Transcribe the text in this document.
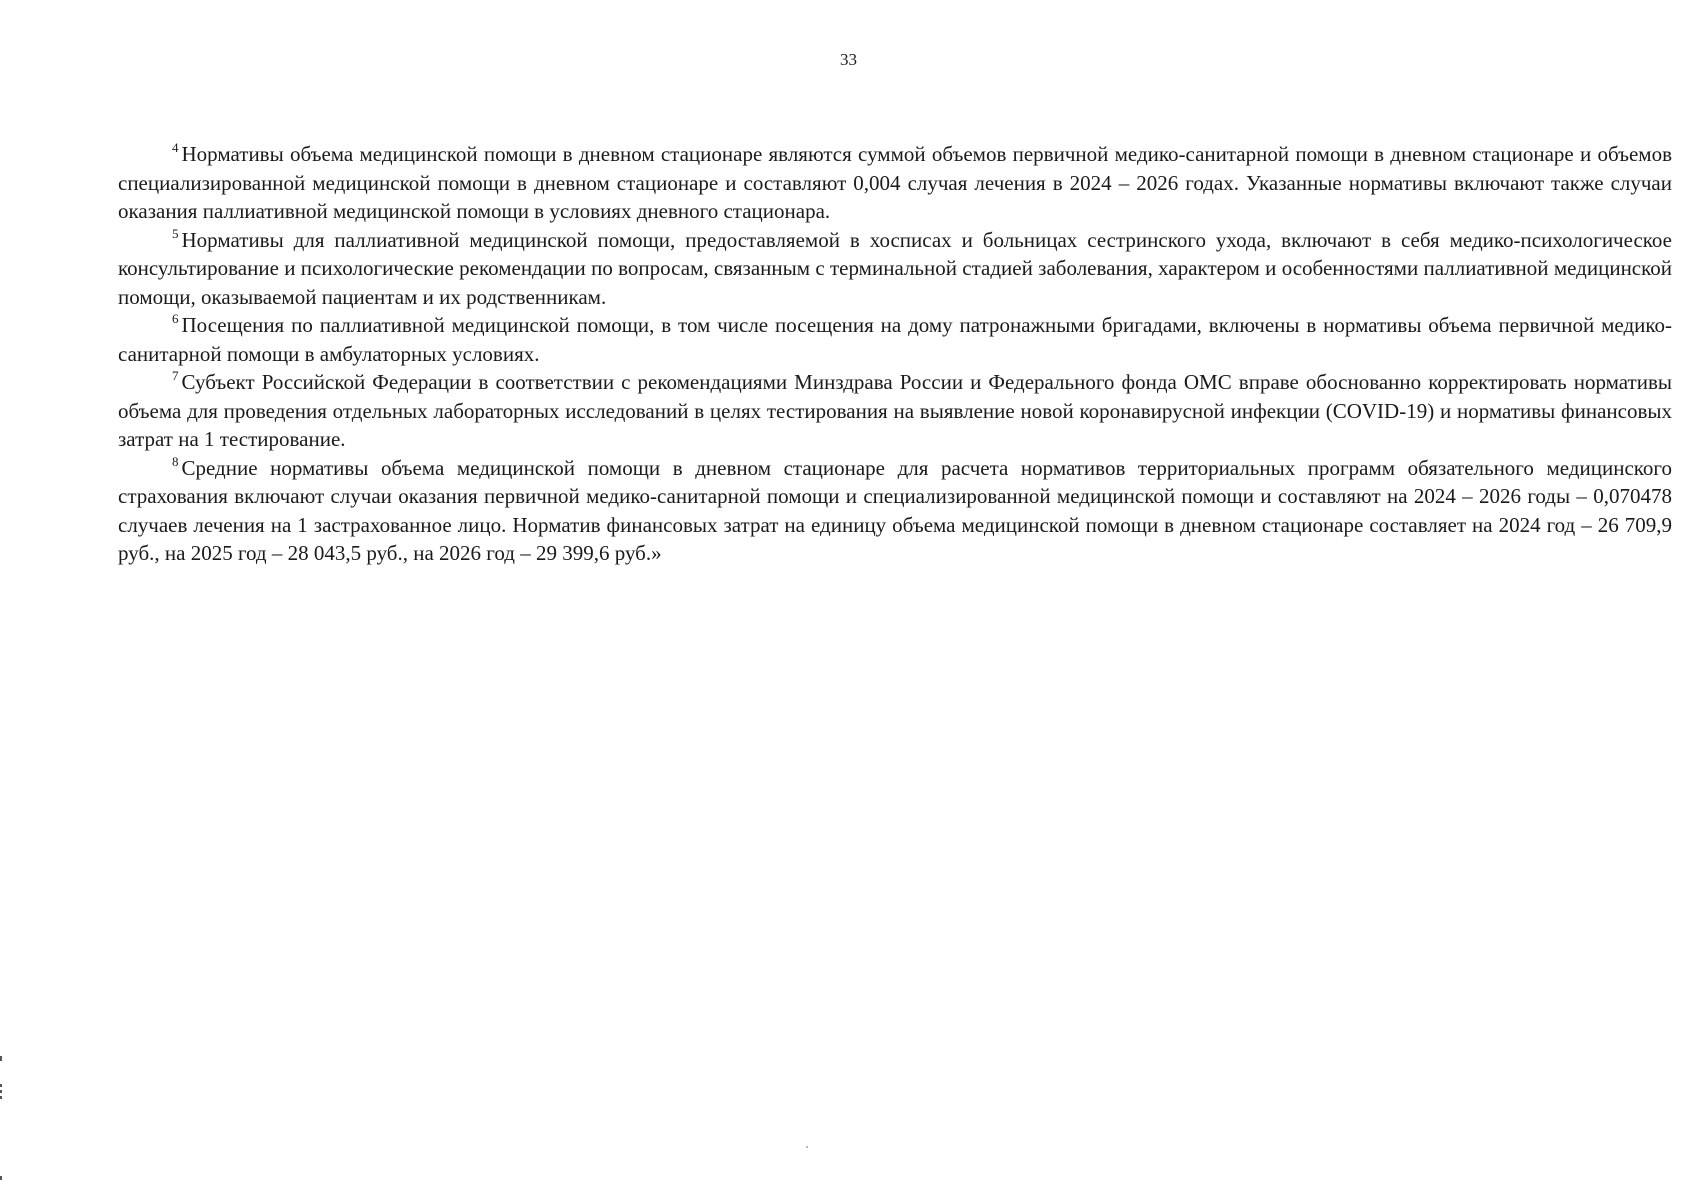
33

$^4$ Нормативы объема медицинской помощи в дневном стационаре являются суммой объемов первичной медико-санитарной помощи в дневном стационаре и объемов специализированной медицинской помощи в дневном стационаре и составляют 0,004 случая лечения в 2024 – 2026 годах. Указанные нормативы включают также случаи оказания паллиативной медицинской помощи в условиях дневного стационара.

$^5$ Нормативы для паллиативной медицинской помощи, предоставляемой в хосписах и больницах сестринского ухода, включают в себя медико-психологическое консультирование и психологические рекомендации по вопросам, связанным с терминальной стадией заболевания, характером и особенностями паллиативной медицинской помощи, оказываемой пациентам и их родственникам.

$^6$ Посещения по паллиативной медицинской помощи, в том числе посещения на дому патронажными бригадами, включены в нормативы объема первичной медико-санитарной помощи в амбулаторных условиях.

$^7$ Субъект Российской Федерации в соответствии с рекомендациями Минздрава России и Федерального фонда ОМС вправе обоснованно корректировать нормативы объема для проведения отдельных лабораторных исследований в целях тестирования на выявление новой коронавирусной инфекции (COVID-19) и нормативы финансовых затрат на 1 тестирование.

$^8$ Средние нормативы объема медицинской помощи в дневном стационаре для расчета нормативов территориальных программ обязательного медицинского страхования включают случаи оказания первичной медико-санитарной помощи и специализированной медицинской помощи и составляют на 2024 – 2026 годы – 0,070478 случаев лечения на 1 застрахованное лицо. Норматив финансовых затрат на единицу объема медицинской помощи в дневном стационаре составляет на 2024 год – 26 709,9 руб., на 2025 год – 28 043,5 руб., на 2026 год – 29 399,6 руб.»
